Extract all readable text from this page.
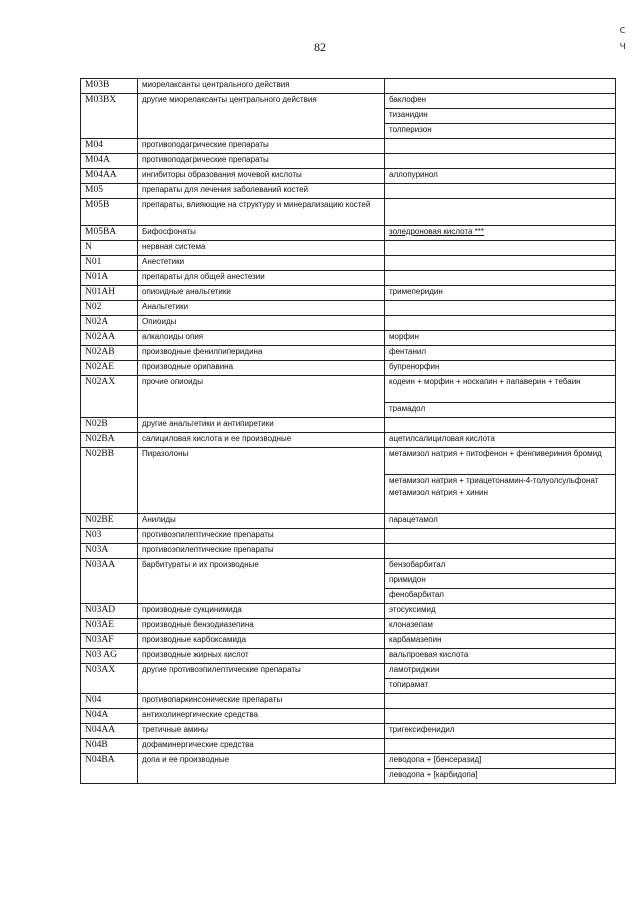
82
с
ч
M03B	миорелаксанты центрального действия	
M03BX	другие миорелаксанты центрального действия	баклофен
		тизанидин
		толперизон
M04	противоподагрические препараты	
M04A	противоподагрические препараты	
M04AA	ингибиторы образования мочевой кислоты	аллопуринол
M05	препараты для лечения заболеваний костей	
M05B	препараты, влияющие на структуру и минерализацию костей	
M05BA	Бифосфонаты	золедроновая кислота ***
N	нервная система	
N01	Анестетики	
N01A	препараты для общей анестезии	
N01AH	опиоидные анальгетики	тримеперидин
N02	Анальгетики	
N02A	Опиоиды	
N02AA	алкалоиды опия	морфин
N02AB	производные фенилпиперидина	фентанил
N02AE	производные орипавина	бупренорфин
N02AX	прочие опиоиды	кодеин + морфин + носкапин + папаверин + тебаин
		трамадол
N02B	другие анальгетики и антипиретики	
N02BA	салициловая кислота и ее производные	ацетилсалициловая кислота
N02BB	Пиразолоны	метамизол натрия + питофенон + фенпивериния бромид
		метамизол натрия + триацетонамин-4-толуолсульфонат метамизол натрия + хинин
N02BE	Анилиды	парацетамол
N03	противоэпилептические препараты	
N03A	противоэпилептические препараты	
N03AA	барбитураты и их производные	бензобарбитал
		примидон
		фенобарбитал
N03AD	производные сукцинимида	этосуксимид
N03AE	производные бензодиазепина	клоназепам
N03AF	производные карбоксамида	карбамазепин
N03 AG	производные жирных кислот	вальпроевая кислота
N03AX	другие противоэпилептические препараты	ламотриджин
		топирамат
N04	противопаркинсонические препараты	
N04A	антихолинергические средства	
N04AA	третичные амины	тригексифенидил
N04B	дофаминергические средства	
N04BA	допа и ее производные	леводопа + [бенсеразид]
		леводопа + [карбидопа]
